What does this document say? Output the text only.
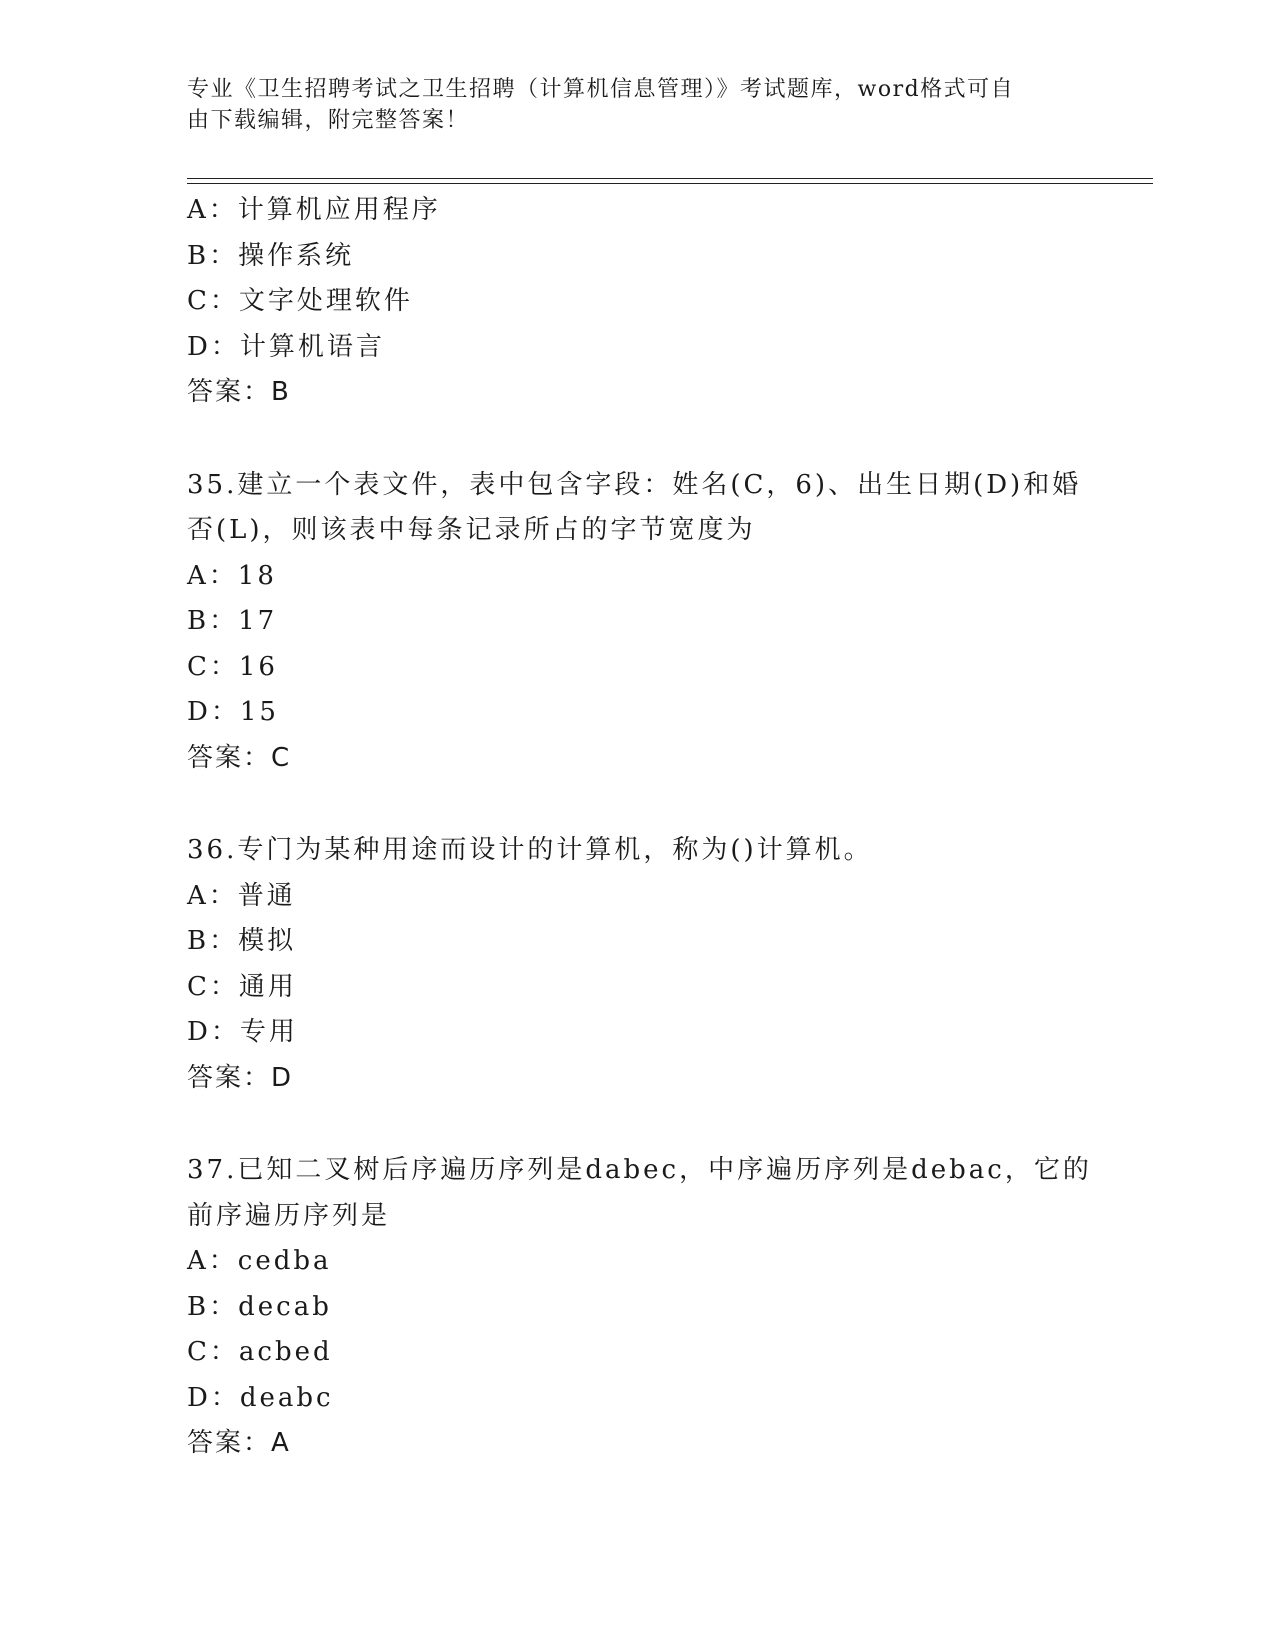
专业《卫生招聘考试之卫生招聘（计算机信息管理）》考试题库，word格式可自
由下载编辑，附完整答案！
A：计算机应用程序
B：操作系统
C：文字处理软件
D：计算机语言
答案：B
35.建立一个表文件，表中包含字段：姓名(C，6)、出生日期(D)和婚
否(L)，则该表中每条记录所占的字节宽度为
A：18
B：17
C：16
D：15
答案：C
36.专门为某种用途而设计的计算机，称为()计算机。
A：普通
B：模拟
C：通用
D：专用
答案：D
37.已知二叉树后序遍历序列是dabec，中序遍历序列是debac，它的
前序遍历序列是
A：cedba
B：decab
C：acbed
D：deabc
答案：A
